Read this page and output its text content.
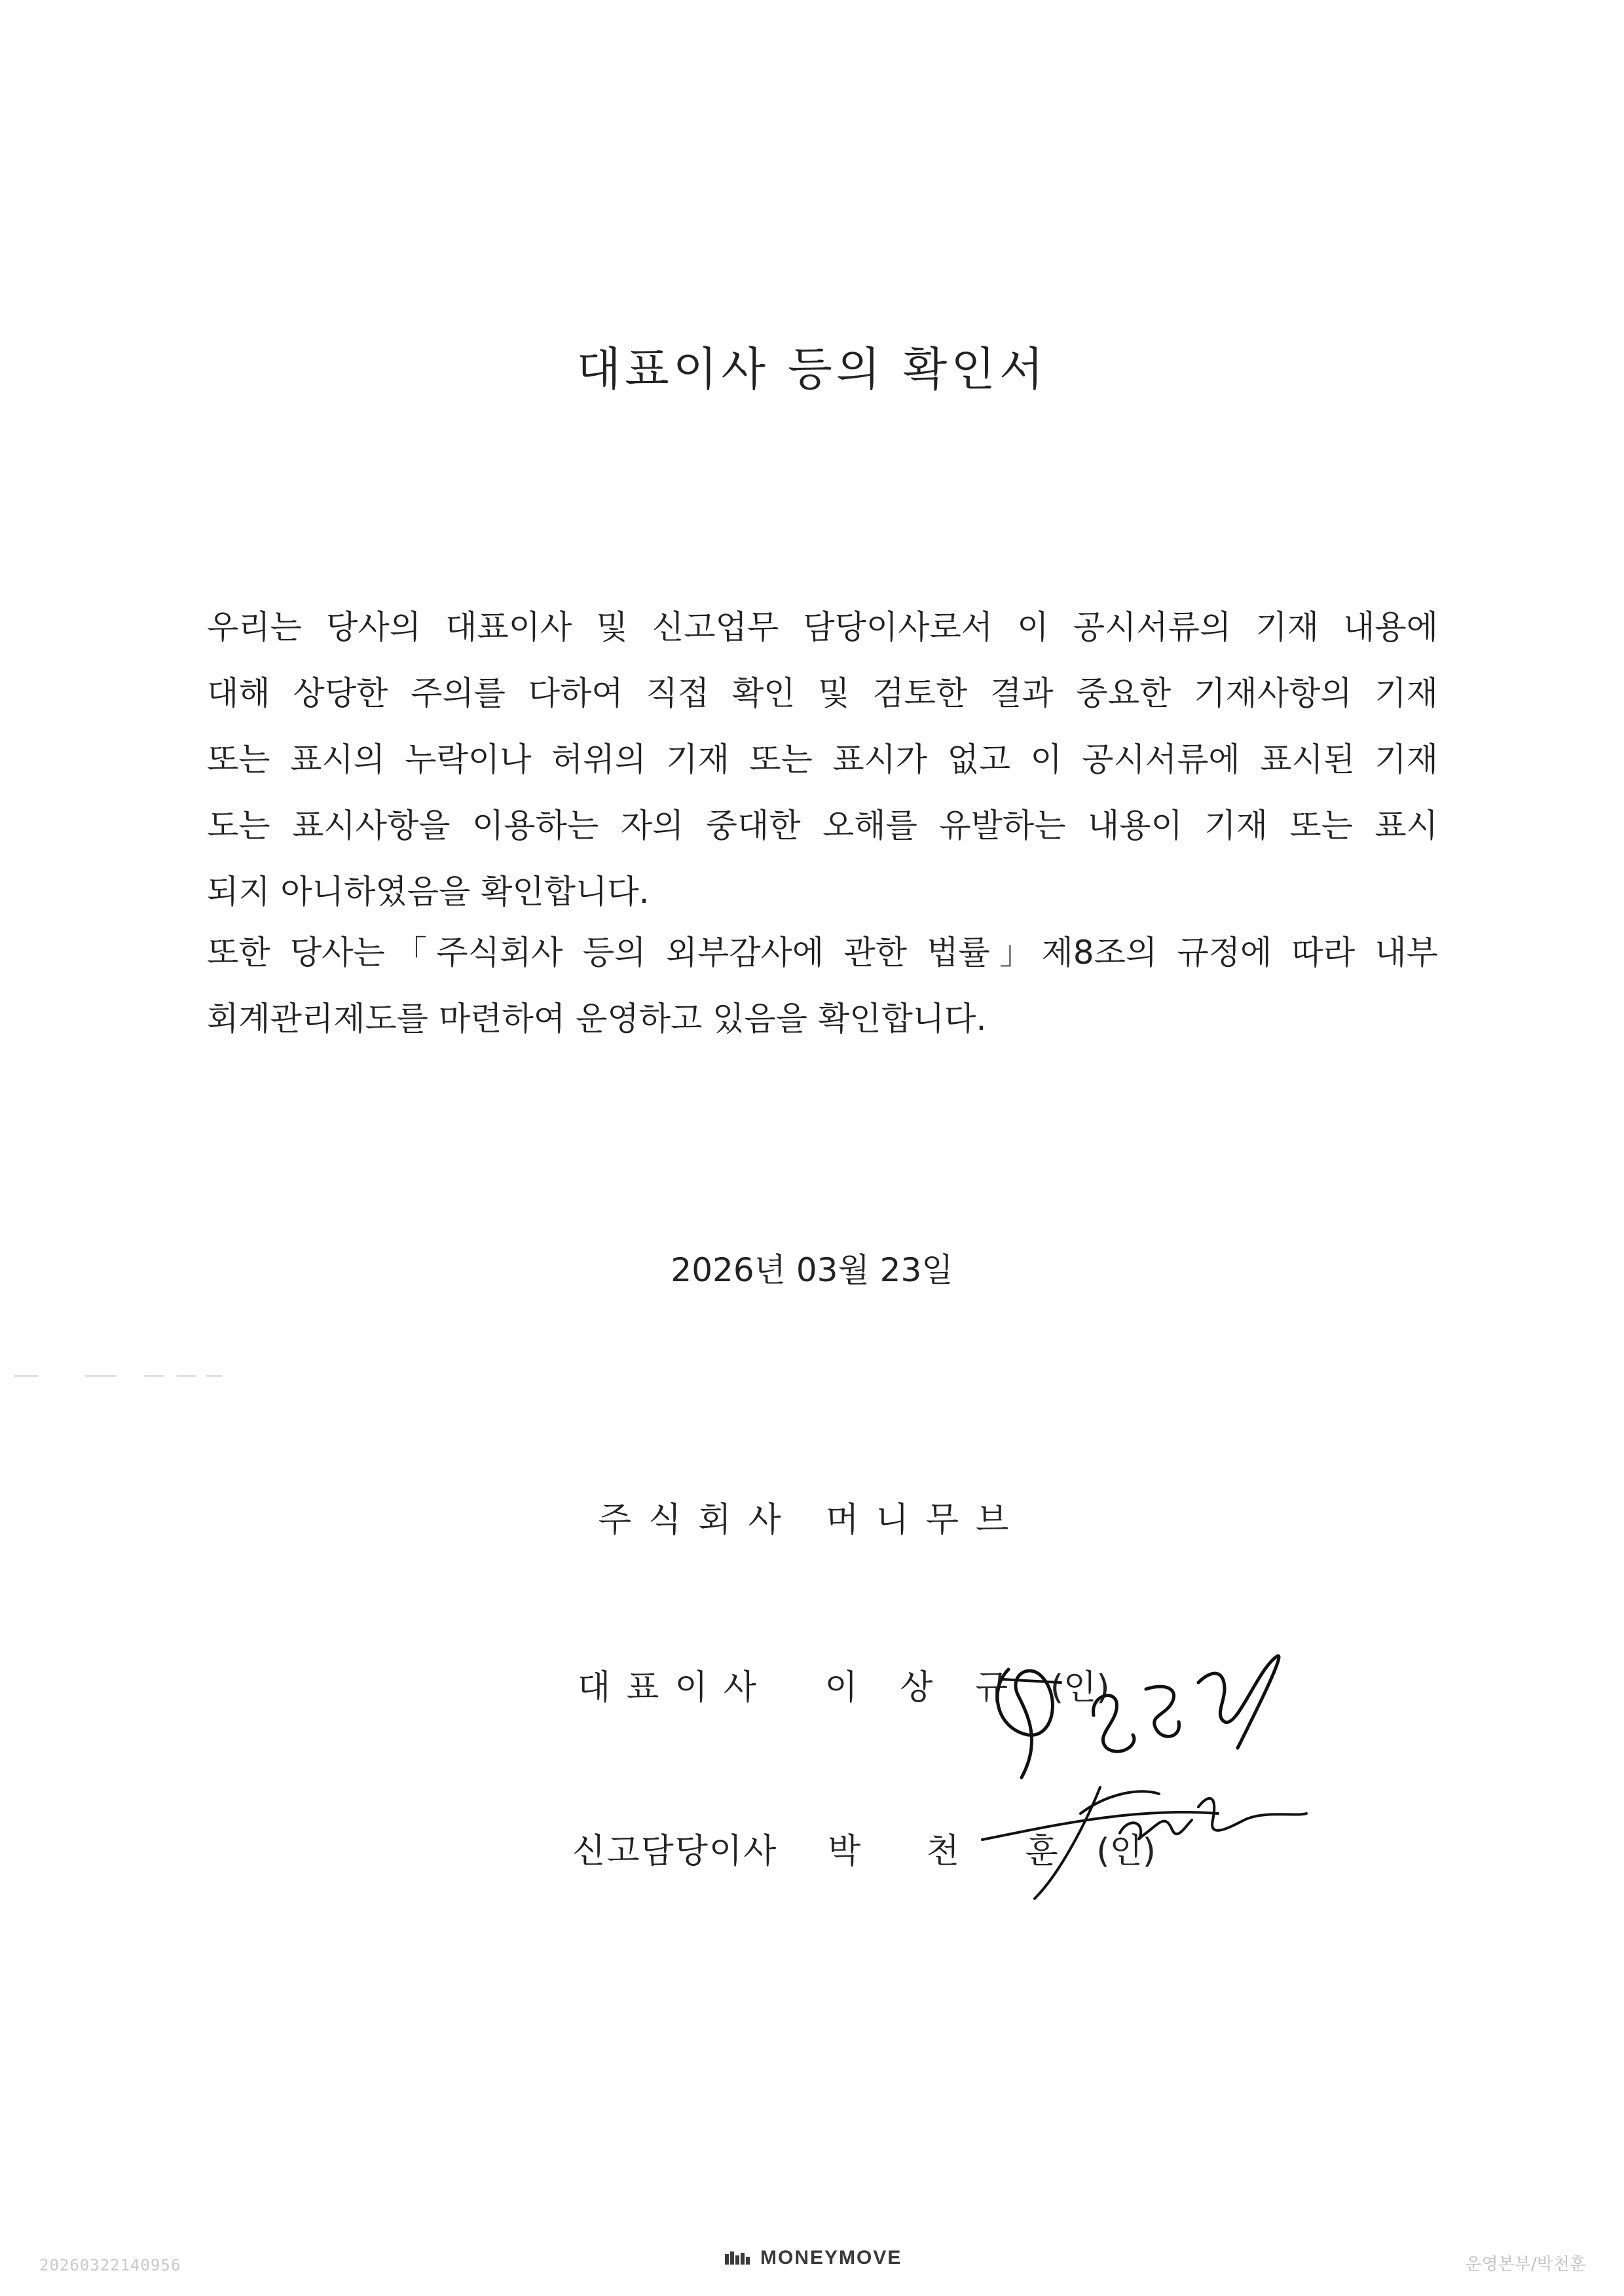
대표이사 등의 확인서
우리는 당사의 대표이사 및 신고업무 담당이사로서 이 공시서류의 기재 내용에
대해 상당한 주의를 다하여 직접 확인 및 검토한 결과 중요한 기재사항의 기재
또는 표시의 누락이나 허위의 기재 또는 표시가 없고 이 공시서류에 표시된 기재
도는 표시사항을 이용하는 자의 중대한 오해를 유발하는 내용이 기재 또는 표시
되지 아니하였음을 확인합니다.
또한 당사는「주식회사 등의 외부감사에 관한 법률」제8조의 규정에 따라 내부
회계관리제도를 마련하여 운영하고 있음을 확인합니다.
2026년 03월 23일
주식회사 머니무브
대표이사 이 상 규 (인)
신고담당이사 박 천 훈 (인)
20260322140956	MONEYMOVE	운영본부/박천훈
